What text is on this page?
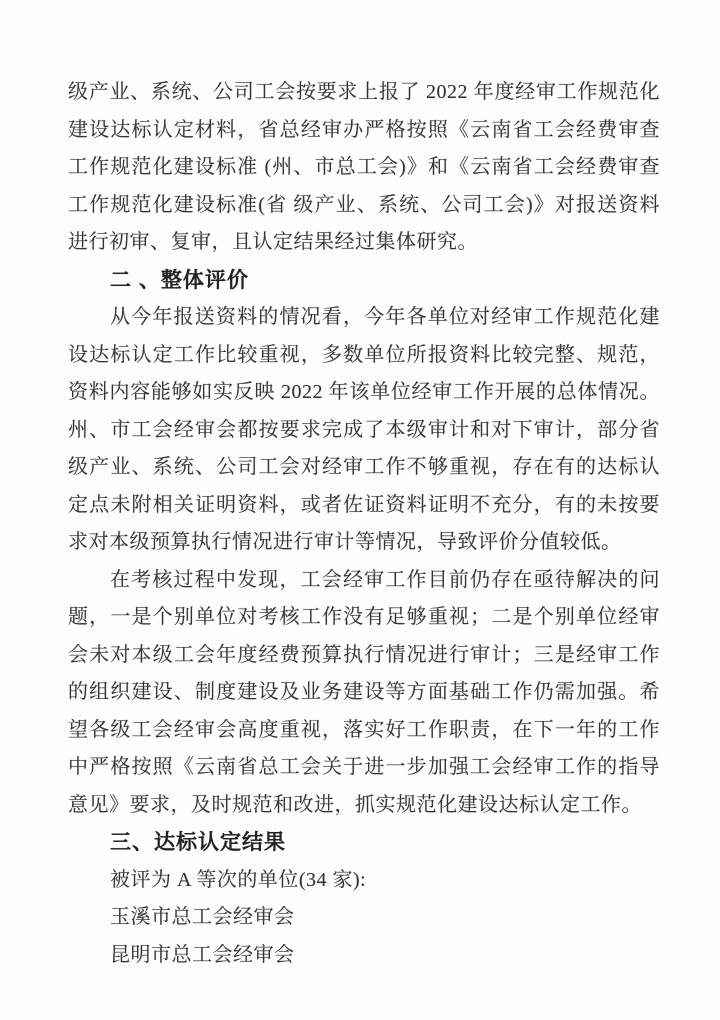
级产业、系统、公司工会按要求上报了 2022 年度经审工作规范化
建设达标认定材料，省总经审办严格按照《云南省工会经费审查
工作规范化建设标准 (州、市总工会)》和《云南省工会经费审查
工作规范化建设标准(省 级产业、系统、公司工会)》对报送资料
进行初审、复审，且认定结果经过集体研究。
二 、整体评价
从今年报送资料的情况看，今年各单位对经审工作规范化建
设达标认定工作比较重视，多数单位所报资料比较完整、规范，
资料内容能够如实反映 2022 年该单位经审工作开展的总体情况。
州、市工会经审会都按要求完成了本级审计和对下审计，部分省
级产业、系统、公司工会对经审工作不够重视，存在有的达标认
定点未附相关证明资料，或者佐证资料证明不充分，有的未按要
求对本级预算执行情况进行审计等情况，导致评价分值较低。
在考核过程中发现，工会经审工作目前仍存在亟待解决的问
题，一是个别单位对考核工作没有足够重视；二是个别单位经审
会未对本级工会年度经费预算执行情况进行审计；三是经审工作
的组织建设、制度建设及业务建设等方面基础工作仍需加强。希
望各级工会经审会高度重视，落实好工作职责，在下一年的工作
中严格按照《云南省总工会关于进一步加强工会经审工作的指导
意见》要求，及时规范和改进，抓实规范化建设达标认定工作。
三、达标认定结果
被评为 A 等次的单位(34 家):
玉溪市总工会经审会
昆明市总工会经审会
